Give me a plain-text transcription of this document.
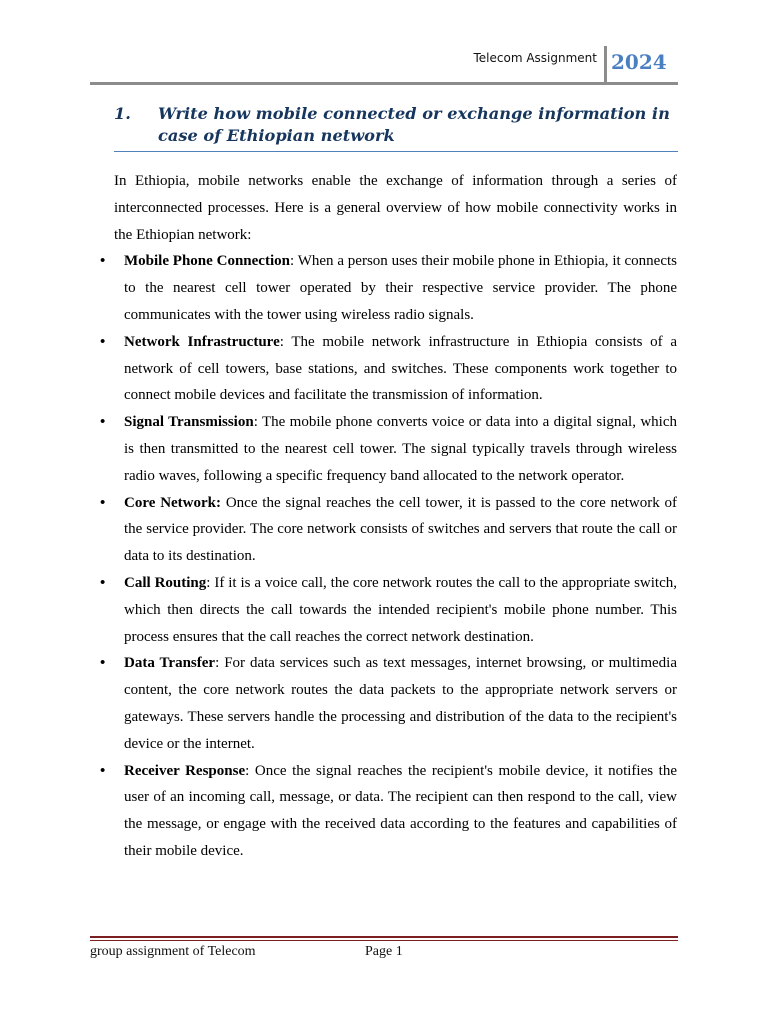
Telecom Assignment 2024
1.	Write how mobile connected or exchange information in case of Ethiopian network

In Ethiopia, mobile networks enable the exchange of information through a series of interconnected processes. Here is a general overview of how mobile connectivity works in the Ethiopian network:

• Mobile Phone Connection: When a person uses their mobile phone in Ethiopia, it connects to the nearest cell tower operated by their respective service provider. The phone communicates with the tower using wireless radio signals.
• Network Infrastructure: The mobile network infrastructure in Ethiopia consists of a network of cell towers, base stations, and switches. These components work together to connect mobile devices and facilitate the transmission of information.
• Signal Transmission: The mobile phone converts voice or data into a digital signal, which is then transmitted to the nearest cell tower. The signal typically travels through wireless radio waves, following a specific frequency band allocated to the network operator.
• Core Network: Once the signal reaches the cell tower, it is passed to the core network of the service provider. The core network consists of switches and servers that route the call or data to its destination.
• Call Routing: If it is a voice call, the core network routes the call to the appropriate switch, which then directs the call towards the intended recipient's mobile phone number. This process ensures that the call reaches the correct network destination.
• Data Transfer: For data services such as text messages, internet browsing, or multimedia content, the core network routes the data packets to the appropriate network servers or gateways. These servers handle the processing and distribution of the data to the recipient's device or the internet.
• Receiver Response: Once the signal reaches the recipient's mobile device, it notifies the user of an incoming call, message, or data. The recipient can then respond to the call, view the message, or engage with the received data according to the features and capabilities of their mobile device.
group assignment of Telecom	Page 1
